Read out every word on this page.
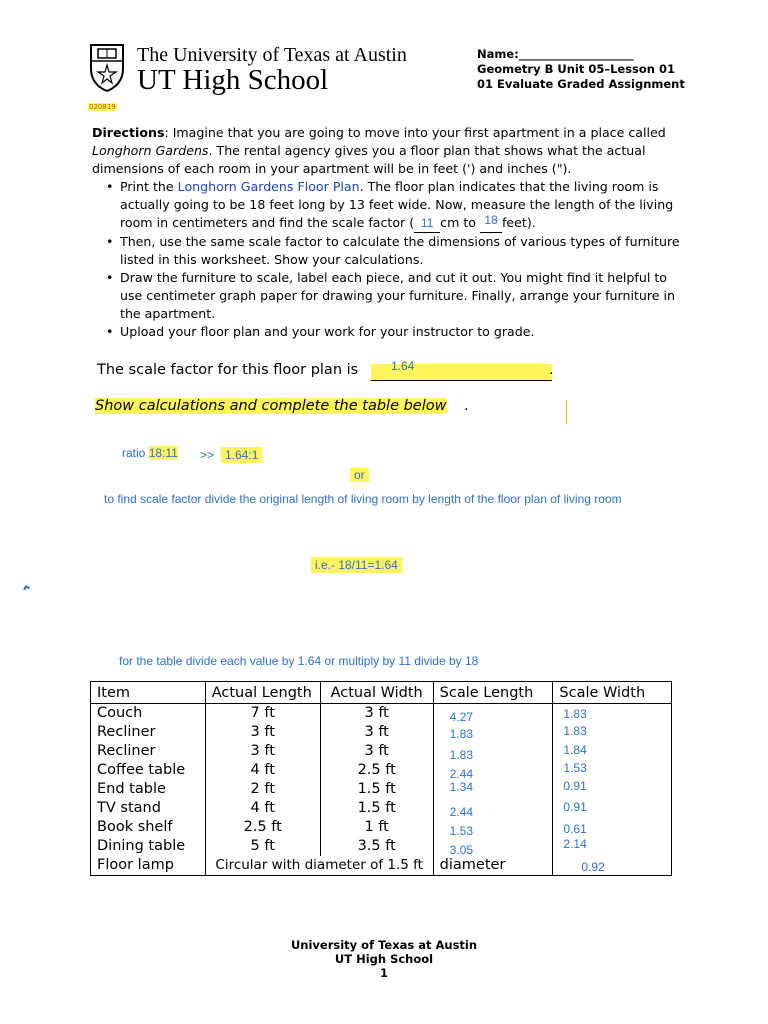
The University of Texas at Austin
UT High School
Name:____________________
Geometry B Unit 05–Lesson 01
01 Evaluate Graded Assignment
020819

Directions: Imagine that you are going to move into your first apartment in a place called Longhorn Gardens. The rental agency gives you a floor plan that shows what the actual dimensions of each room in your apartment will be in feet (') and inches (").

• Print the Longhorn Gardens Floor Plan. The floor plan indicates that the living room is actually going to be 18 feet long by 13 feet wide. Now, measure the length of the living room in centimeters and find the scale factor ( 11 cm to 18 feet).
• Then, use the same scale factor to calculate the dimensions of various types of furniture listed in this worksheet. Show your calculations.
• Draw the furniture to scale, label each piece, and cut it out. You might find it helpful to use centimeter graph paper for drawing your furniture. Finally, arrange your furniture in the apartment.
• Upload your floor plan and your work for your instructor to grade.
The scale factor for this floor plan is	1.64	.
Show calculations and complete the table below .
ratio 18:11 >> 1.64:1
or
to find scale factor divide the original length of living room by length of the floor plan of living room
i.e.- 18/11=1.64
for the table divide each value by 1.64 or multiply by 11 divide by 18
Item	Actual Length	Actual Width	Scale Length	Scale Width
Couch	7 ft	3 ft	4.27	1.83
Recliner	3 ft	3 ft	1.83	1.83
Recliner	3 ft	3 ft	1.83	1.84
Coffee table	4 ft	2.5 ft	2.44	1.53
End table	2 ft	1.5 ft	1.34	0.91
TV stand	4 ft	1.5 ft	2.44	0.91
Book shelf	2.5 ft	1 ft	1.53	0.61
Dining table	5 ft	3.5 ft	3.05	2.14
Floor lamp	Circular with diameter of 1.5 ft		diameter	0.92
University of Texas at Austin
UT High School
1
